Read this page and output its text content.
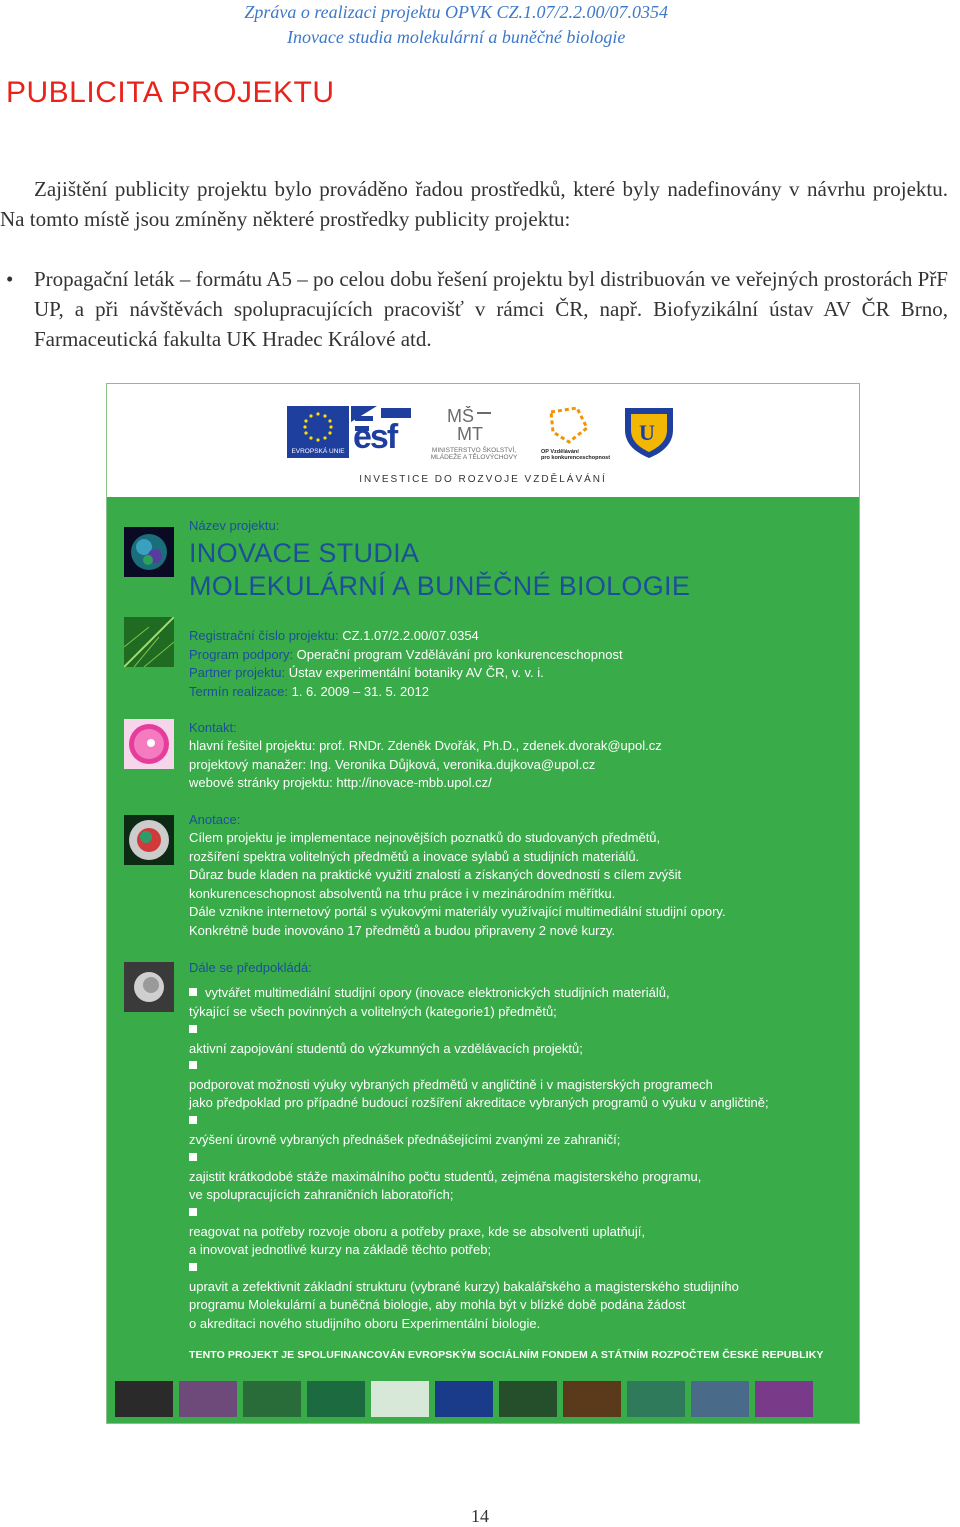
Zpráva o realizaci projektu OPVK CZ.1.07/2.2.00/07.0354
Inovace studia molekulární a buněčné biologie
PUBLICITA PROJEKTU

Zajištění publicity projektu bylo prováděno řadou prostředků, které byly nadefinovány v návrhu projektu. Na tomto místě jsou zmíněny některé prostředky publicity projektu:

• Propagační leták – formátu A5 – po celou dobu řešení projektu byl distribuován ve veřejných prostorách PřF UP, a při návštěvách spolupracujících pracovišť v rámci ČR, např. Biofyzikální ústav AV ČR Brno, Farmaceutická fakulta UK Hradec Králové atd.
EVROPSKÁ UNIE esf
MŠ
MT
MINISTERSTVO ŠKOLSTVÍ,
MLÁDEŽE A TĚLOVÝCHOVY
OP Vzdělávání
pro konkurenceschopnost
U
INVESTICE DO ROZVOJE VZDĚLÁVÁNÍ
Název projektu:
INOVACE STUDIA
MOLEKULÁRNÍ A BUNĚČNÉ BIOLOGIE
Registrační číslo projektu: CZ.1.07/2.2.00/07.0354
Program podpory: Operační program Vzdělávání pro konkurenceschopnost
Partner projektu: Ústav experimentální botaniky AV ČR, v. v. i.
Termín realizace: 1. 6. 2009 – 31. 5. 2012
Kontakt:
hlavní řešitel projektu: prof. RNDr. Zdeněk Dvořák, Ph.D., zdenek.dvorak@upol.cz
projektový manažer: Ing. Veronika Důjková, veronika.dujkova@upol.cz
webové stránky projektu: http://inovace-mbb.upol.cz/
Anotace:
Cílem projektu je implementace nejnovějších poznatků do studovaných předmětů,
rozšíření spektra volitelných předmětů a inovace sylabů a studijních materiálů.
Důraz bude kladen na praktické využití znalostí a získaných dovedností s cílem zvýšit
konkurenceschopnost absolventů na trhu práce i v mezinárodním měřítku.
Dále vznikne internetový portál s výukovými materiály využívající multimediální studijní opory.
Konkrétně bude inovováno 17 předmětů a budou připraveny 2 nové kurzy.
Dále se předpokládá:
vytvářet multimediální studijní opory (inovace elektronických studijních materiálů,
týkající se všech povinných a volitelných (kategorie1) předmětů;
aktivní zapojování studentů do výzkumných a vzdělávacích projektů;
podporovat možnosti výuky vybraných předmětů v angličtině i v magisterských programech
jako předpoklad pro případné budoucí rozšíření akreditace vybraných programů o výuku v angličtině;
zvýšení úrovně vybraných přednášek přednášejícími zvanými ze zahraničí;
zajistit krátkodobé stáže maximálního počtu studentů, zejména magisterského programu,
ve spolupracujících zahraničních laboratořích;
reagovat na potřeby rozvoje oboru a potřeby praxe, kde se absolventi uplatňují,
a inovovat jednotlivé kurzy na základě těchto potřeb;
upravit a zefektivnit základní strukturu (vybrané kurzy) bakalářského a magisterského studijního
programu Molekulární a buněčná biologie, aby mohla být v blízké době podána žádost
o akreditaci nového studijního oboru Experimentální biologie.
TENTO PROJEKT JE SPOLUFINANCOVÁN EVROPSKÝM SOCIÁLNÍM FONDEM A STÁTNÍM ROZPOČTEM ČESKÉ REPUBLIKY
14
